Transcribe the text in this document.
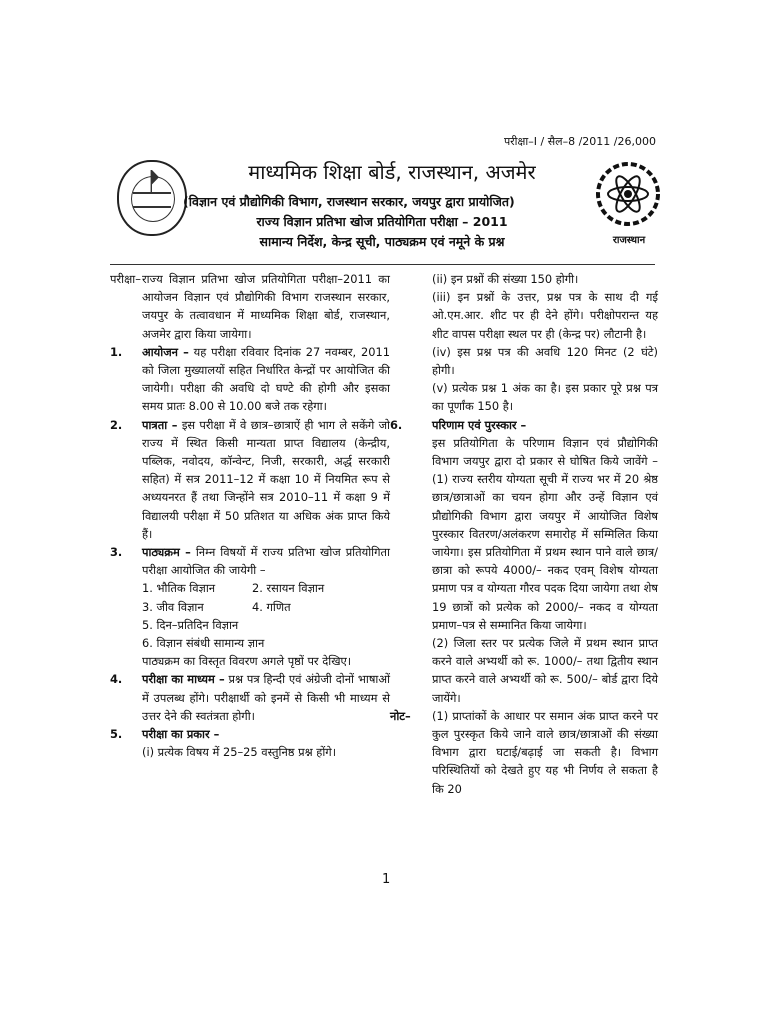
परीक्षा–I / सैल–8 /2011 /26,000
माध्यमिक शिक्षा बोर्ड, राजस्थान, अजमेर
(विज्ञान एवं प्रौद्योगिकी विभाग, राजस्थान सरकार, जयपुर द्वारा प्रायोजित)
राज्य विज्ञान प्रतिभा खोज प्रतियोगिता परीक्षा – 2011
सामान्य निर्देश, केन्द्र सूची, पाठ्यक्रम एवं नमूने के प्रश्न	राजस्थान
परीक्षा– राज्य विज्ञान प्रतिभा खोज प्रतियोगिता परीक्षा–2011 का आयोजन विज्ञान एवं प्रौद्योगिकी विभाग राजस्थान सरकार, जयपुर के तत्वावधान में माध्यमिक शिक्षा बोर्ड, राजस्थान, अजमेर द्वारा किया जायेगा।
1.	आयोजन – यह परीक्षा रविवार दिनांक 27 नवम्बर, 2011 को जिला मुख्यालयों सहित निर्धारित केन्द्रों पर आयोजित की जायेगी। परीक्षा की अवधि दो घण्टे की होगी और इसका समय प्रातः 8.00 से 10.00 बजे तक रहेगा।
2.	पात्रता – इस परीक्षा में वे छात्र–छात्राऐं ही भाग ले सकेंगे जो राज्य में स्थित किसी मान्यता प्राप्त विद्यालय (केन्द्रीय, पब्लिक, नवोदय, कॉन्वेन्ट, निजी, सरकारी, अर्द्ध सरकारी सहित) में सत्र 2011–12 में कक्षा 10 में नियमित रूप से अध्ययनरत हैं तथा जिन्होंने सत्र 2010–11 में कक्षा 9 में विद्यालयी परीक्षा में 50 प्रतिशत या अधिक अंक प्राप्त किये हैं।
3.	पाठ्यक्रम – निम्न विषयों में राज्य प्रतिभा खोज प्रतियोगिता परीक्षा आयोजित की जायेगी –
1. भौतिक विज्ञान	2. रसायन विज्ञान
3. जीव विज्ञान	4. गणित
5. दिन–प्रतिदिन विज्ञान
6. विज्ञान संबंधी सामान्य ज्ञान
पाठ्यक्रम का विस्तृत विवरण अगले पृष्ठों पर देखिए।
4.	परीक्षा का माध्यम – प्रश्न पत्र हिन्दी एवं अंग्रेजी दोनों भाषाओं में उपलब्ध होंगे। परीक्षार्थी को इनमें से किसी भी माध्यम से उत्तर देने की स्वतंत्रता होगी।
5.	परीक्षा का प्रकार –
(i) प्रत्येक विषय में 25–25 वस्तुनिष्ठ प्रश्न होंगे।
(ii) इन प्रश्नों की संख्या 150 होगी।
(iii) इन प्रश्नों के उत्तर, प्रश्न पत्र के साथ दी गई ओ.एम.आर. शीट पर ही देने होंगे। परीक्षोपरान्त यह शीट वापस परीक्षा स्थल पर ही (केन्द्र पर) लौटानी है।
(iv) इस प्रश्न पत्र की अवधि 120 मिनट (2 घंटे) होगी।
(v) प्रत्येक प्रश्न 1 अंक का है। इस प्रकार पूरे प्रश्न पत्र का पूर्णांक 150 है।
6.	परिणाम एवं पुरस्कार –
इस प्रतियोगिता के परिणाम विज्ञान एवं प्रौद्योगिकी विभाग जयपुर द्वारा दो प्रकार से घोषित किये जावेंगे – (1) राज्य स्तरीय योग्यता सूची में राज्य भर में 20 श्रेष्ठ छात्र/छात्राओं का चयन होगा और उन्हें विज्ञान एवं प्रौद्योगिकी विभाग द्वारा जयपुर में आयोजित विशेष पुरस्कार वितरण/अलंकरण समारोह में सम्मिलित किया जायेगा। इस प्रतियोगिता में प्रथम स्थान पाने वाले छात्र/छात्रा को रूपये 4000/– नकद एवम् विशेष योग्यता प्रमाण पत्र व योग्यता गौरव पदक दिया जायेगा तथा शेष 19 छात्रों को प्रत्येक को 2000/– नकद व योग्यता प्रमाण–पत्र से सम्मानित किया जायेगा।
(2) जिला स्तर पर प्रत्येक जिले में प्रथम स्थान प्राप्त करने वाले अभ्यर्थी को रू. 1000/– तथा द्वितीय स्थान प्राप्त करने वाले अभ्यर्थी को रू. 500/– बोर्ड द्वारा दिये जायेंगे।
नोट–	(1) प्राप्तांकों के आधार पर समान अंक प्राप्त करने पर कुल पुरस्कृत किये जाने वाले छात्र/छात्राओं की संख्या विभाग द्वारा घटाई/बढ़ाई जा सकती है। विभाग परिस्थितियों को देखते हुए यह भी निर्णय ले सकता है कि 20
1
